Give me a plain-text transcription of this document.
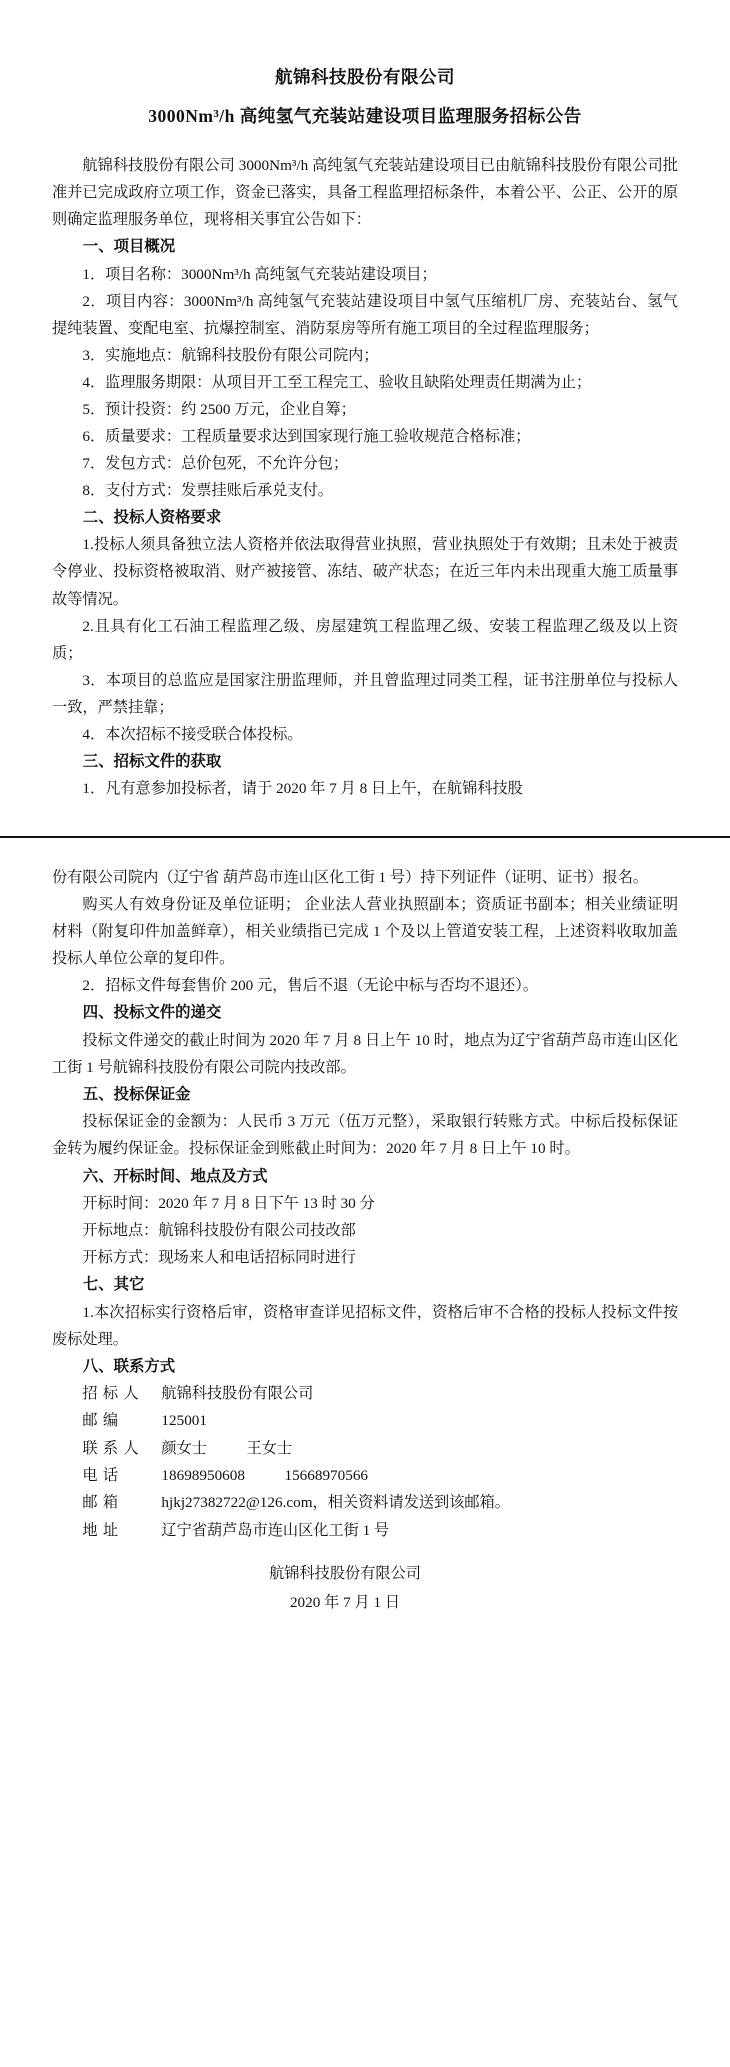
航锦科技股份有限公司
3000Nm³/h 高纯氢气充装站建设项目监理服务招标公告

航锦科技股份有限公司 3000Nm³/h 高纯氢气充装站建设项目已由航锦科技股份有限公司批准并已完成政府立项工作，资金已落实，具备工程监理招标条件，本着公平、公正、公开的原则确定监理服务单位，现将相关事宜公告如下：

一、项目概况

1．项目名称：3000Nm³/h 高纯氢气充装站建设项目；

2．项目内容：3000Nm³/h 高纯氢气充装站建设项目中氢气压缩机厂房、充装站台、氢气提纯装置、变配电室、抗爆控制室、消防泵房等所有施工项目的全过程监理服务；

3．实施地点：航锦科技股份有限公司院内；

4．监理服务期限：从项目开工至工程完工、验收且缺陷处理责任期满为止；

5．预计投资：约 2500 万元，企业自筹；

6．质量要求：工程质量要求达到国家现行施工验收规范合格标准；

7．发包方式：总价包死，不允许分包；

8．支付方式：发票挂账后承兑支付。

二、投标人资格要求

1.投标人须具备独立法人资格并依法取得营业执照，营业执照处于有效期；且未处于被责令停业、投标资格被取消、财产被接管、冻结、破产状态；在近三年内未出现重大施工质量事故等情况。

2.且具有化工石油工程监理乙级、房屋建筑工程监理乙级、安装工程监理乙级及以上资质；

3．本项目的总监应是国家注册监理师，并且曾监理过同类工程，证书注册单位与投标人一致，严禁挂靠；

4．本次招标不接受联合体投标。

三、招标文件的获取

1．凡有意参加投标者，请于 2020 年 7 月 8 日上午，在航锦科技股

份有限公司院内（辽宁省 葫芦岛市连山区化工街 1 号）持下列证件（证明、证书）报名。

购买人有效身份证及单位证明； 企业法人营业执照副本；资质证书副本；相关业绩证明材料（附复印件加盖鲜章），相关业绩指已完成 1 个及以上管道安装工程，上述资料收取加盖投标人单位公章的复印件。

2．招标文件每套售价 200 元，售后不退（无论中标与否均不退还）。

四、投标文件的递交

投标文件递交的截止时间为 2020 年 7 月 8 日上午 10 时，地点为辽宁省葫芦岛市连山区化工街 1 号航锦科技股份有限公司院内技改部。

五、投标保证金

投标保证金的金额为：人民币 3 万元（伍万元整），采取银行转账方式。中标后投标保证金转为履约保证金。投标保证金到账截止时间为：2020 年 7 月 8 日上午 10 时。

六、开标时间、地点及方式

开标时间：2020 年 7 月 8 日下午 13 时 30 分

开标地点：航锦科技股份有限公司技改部

开标方式：现场来人和电话招标同时进行

七、其它

1.本次招标实行资格后审，资格审查详见招标文件，资格后审不合格的投标人投标文件按废标处理。

八、联系方式

招 标 人	航锦科技股份有限公司
邮 编	125001
联 系 人	颜女士	王女士
电 话	18698950608	15668970566
邮 箱	hjkj27382722@126.com，相关资料请发送到该邮箱。
地 址	辽宁省葫芦岛市连山区化工街 1 号
航锦科技股份有限公司
2020 年 7 月 1 日
